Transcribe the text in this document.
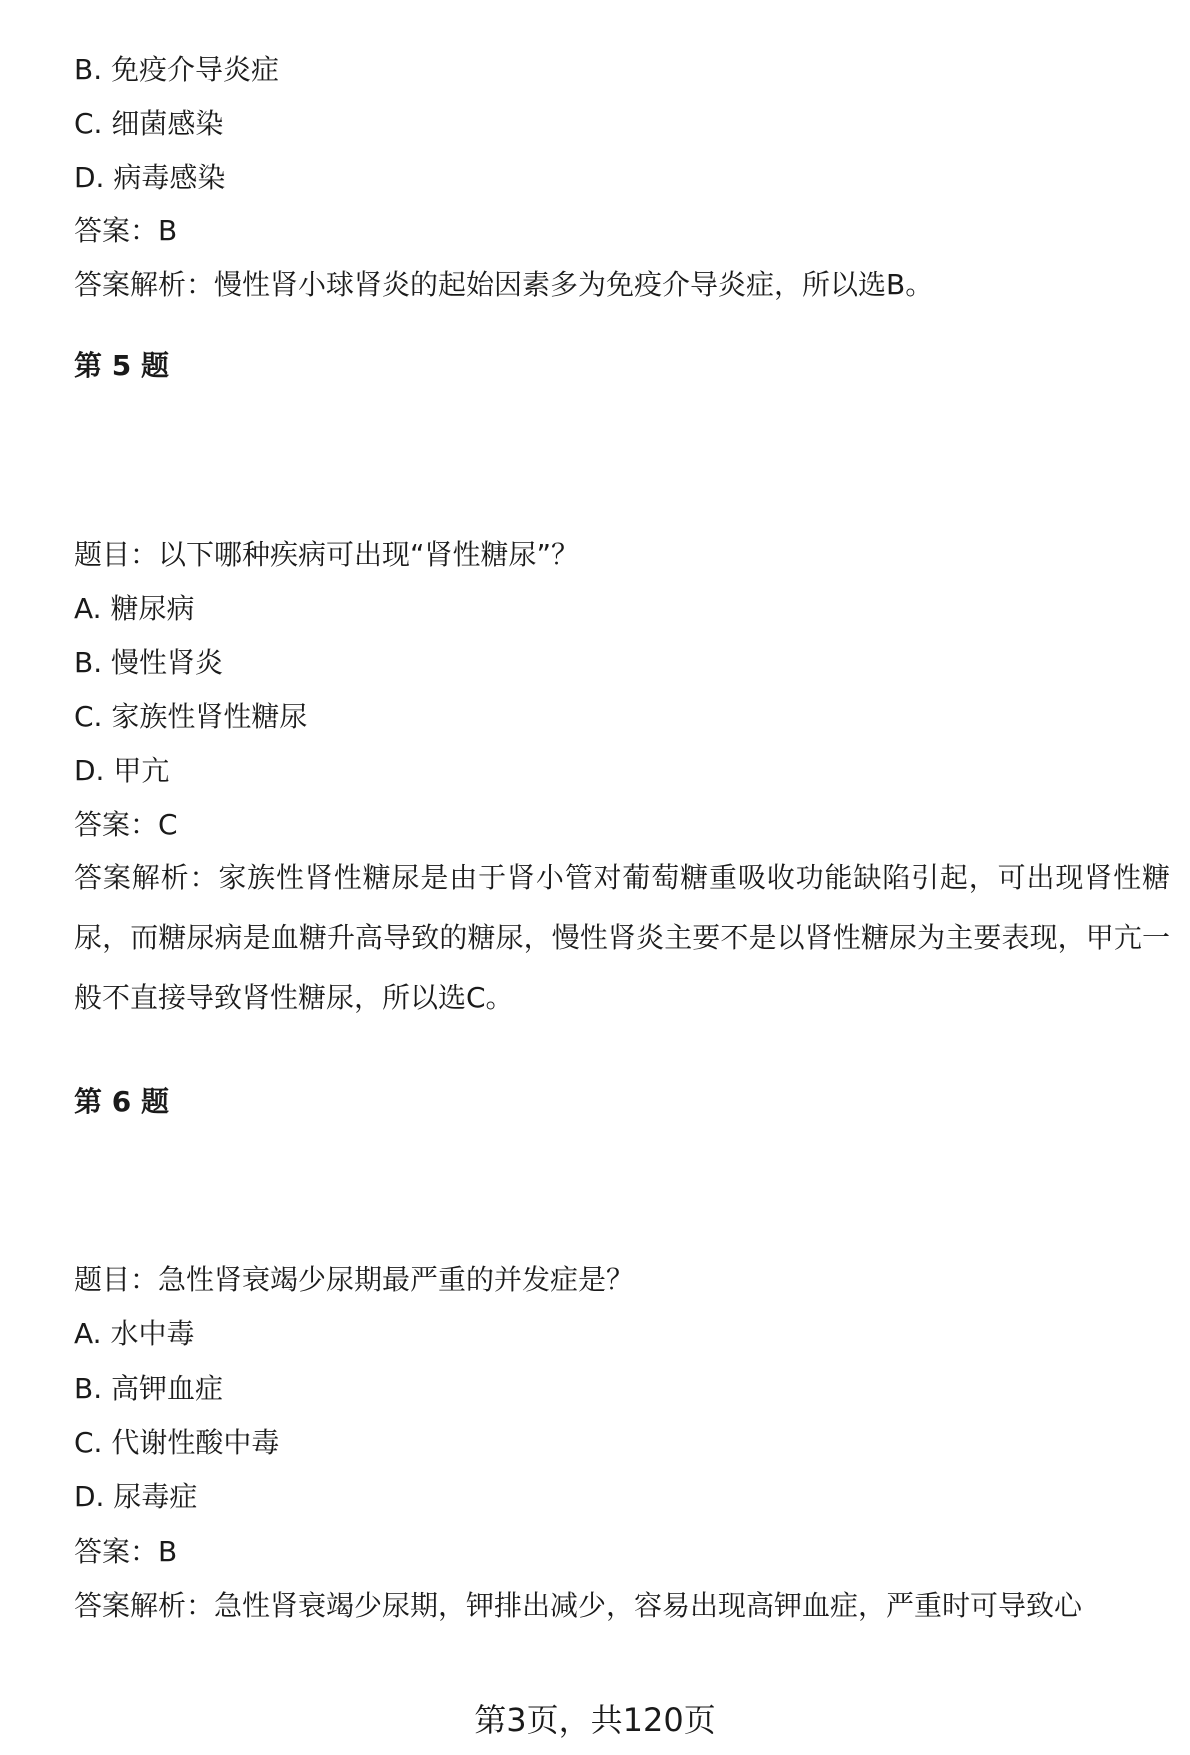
B. 免疫介导炎症
C. 细菌感染
D. 病毒感染
答案：B
答案解析：慢性肾小球肾炎的起始因素多为免疫介导炎症，所以选B。
第 5 题
题目：以下哪种疾病可出现“肾性糖尿”？
A. 糖尿病
B. 慢性肾炎
C. 家族性肾性糖尿
D. 甲亢
答案：C
答案解析：家族性肾性糖尿是由于肾小管对葡萄糖重吸收功能缺陷引起，可出现肾性糖尿，而糖尿病是血糖升高导致的糖尿，慢性肾炎主要不是以肾性糖尿为主要表现，甲亢一般不直接导致肾性糖尿，所以选C。
第 6 题
题目：急性肾衰竭少尿期最严重的并发症是？
A. 水中毒
B. 高钾血症
C. 代谢性酸中毒
D. 尿毒症
答案：B
答案解析：急性肾衰竭少尿期，钾排出减少，容易出现高钾血症，严重时可导致心
第3页，共120页
